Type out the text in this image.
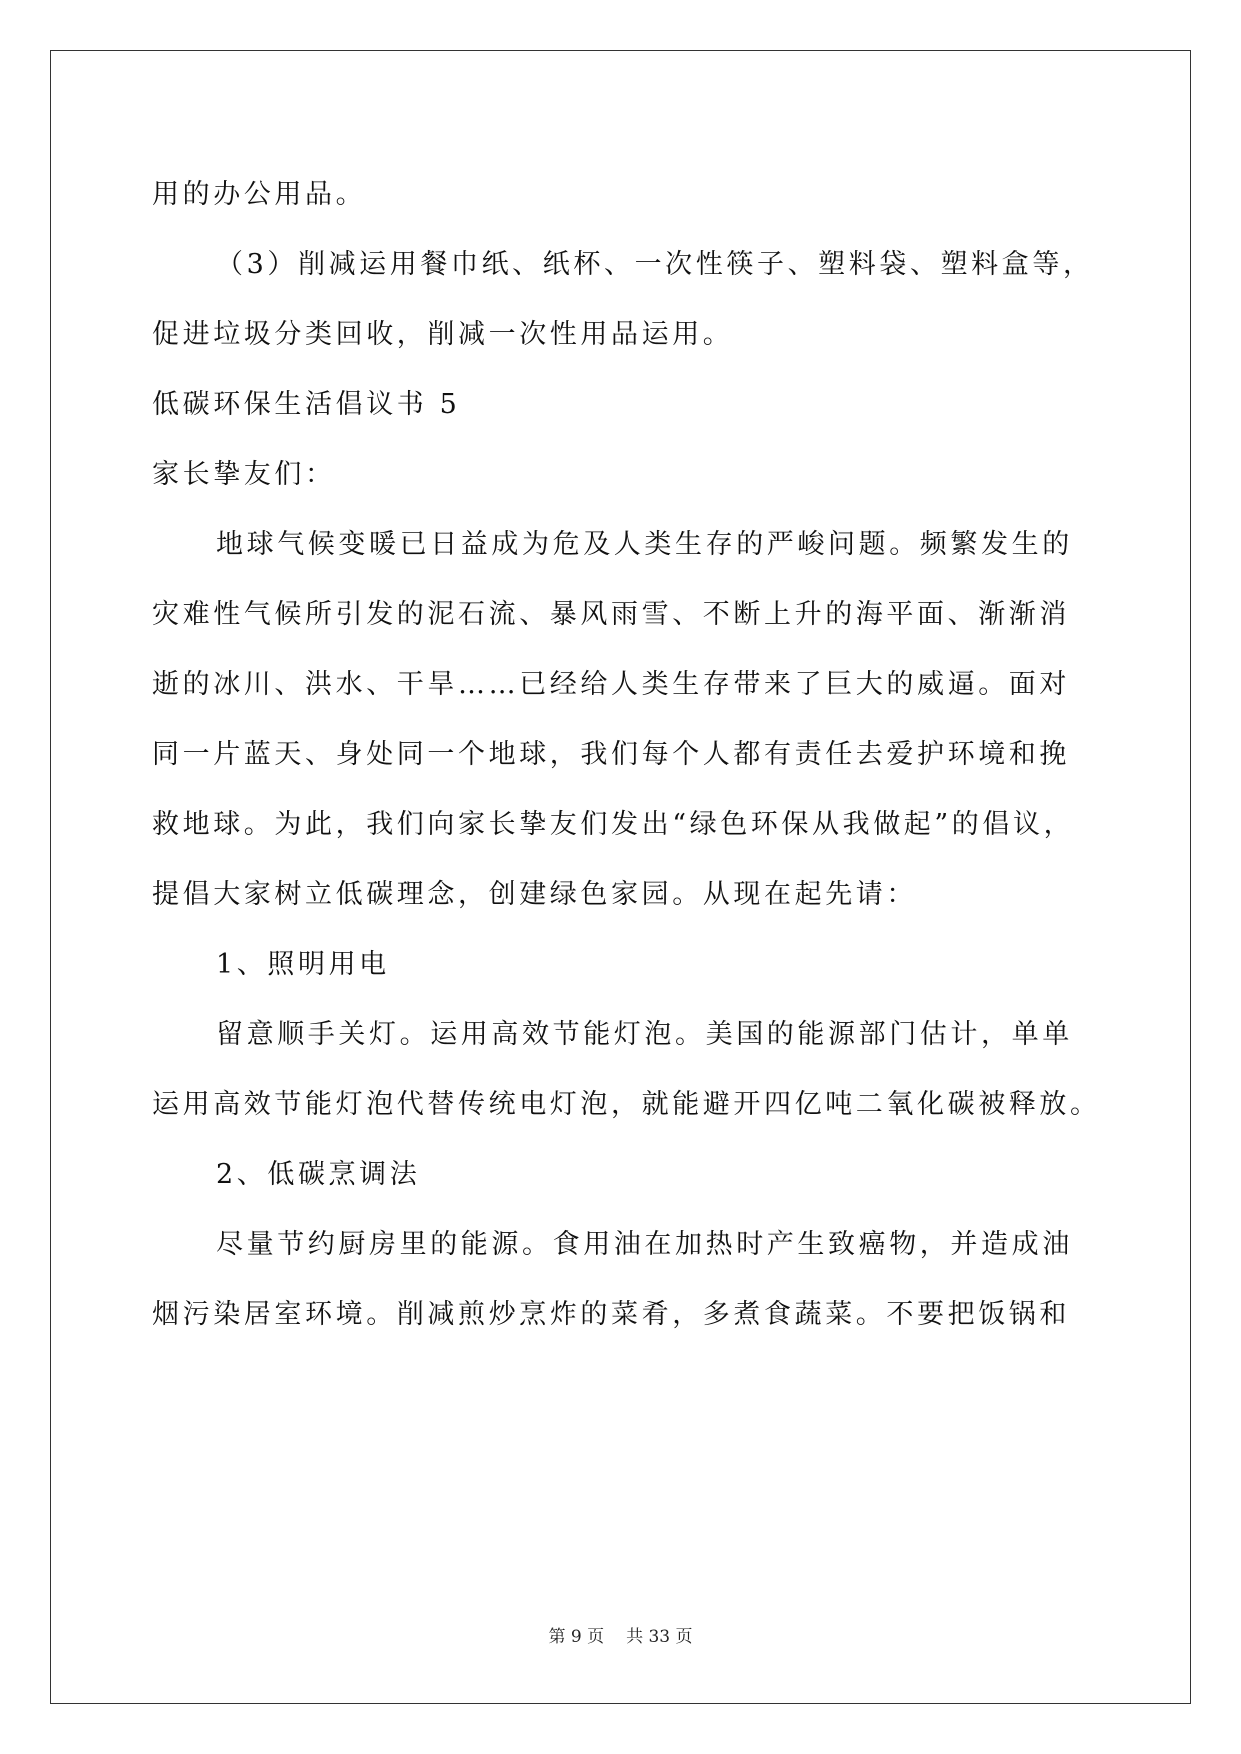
用的办公用品。
（3）削减运用餐巾纸、纸杯、一次性筷子、塑料袋、塑料盒等，
促进垃圾分类回收，削减一次性用品运用。
低碳环保生活倡议书 5
家长挚友们：
地球气候变暖已日益成为危及人类生存的严峻问题。频繁发生的
灾难性气候所引发的泥石流、暴风雨雪、不断上升的海平面、渐渐消
逝的冰川、洪水、干旱……已经给人类生存带来了巨大的威逼。面对
同一片蓝天、身处同一个地球，我们每个人都有责任去爱护环境和挽
救地球。为此，我们向家长挚友们发出“绿色环保从我做起”的倡议，
提倡大家树立低碳理念，创建绿色家园。从现在起先请：
1、照明用电
留意顺手关灯。运用高效节能灯泡。美国的能源部门估计，单单
运用高效节能灯泡代替传统电灯泡，就能避开四亿吨二氧化碳被释放。
2、低碳烹调法
尽量节约厨房里的能源。食用油在加热时产生致癌物，并造成油
烟污染居室环境。削减煎炒烹炸的菜肴，多煮食蔬菜。不要把饭锅和
第 9 页 共 33 页
